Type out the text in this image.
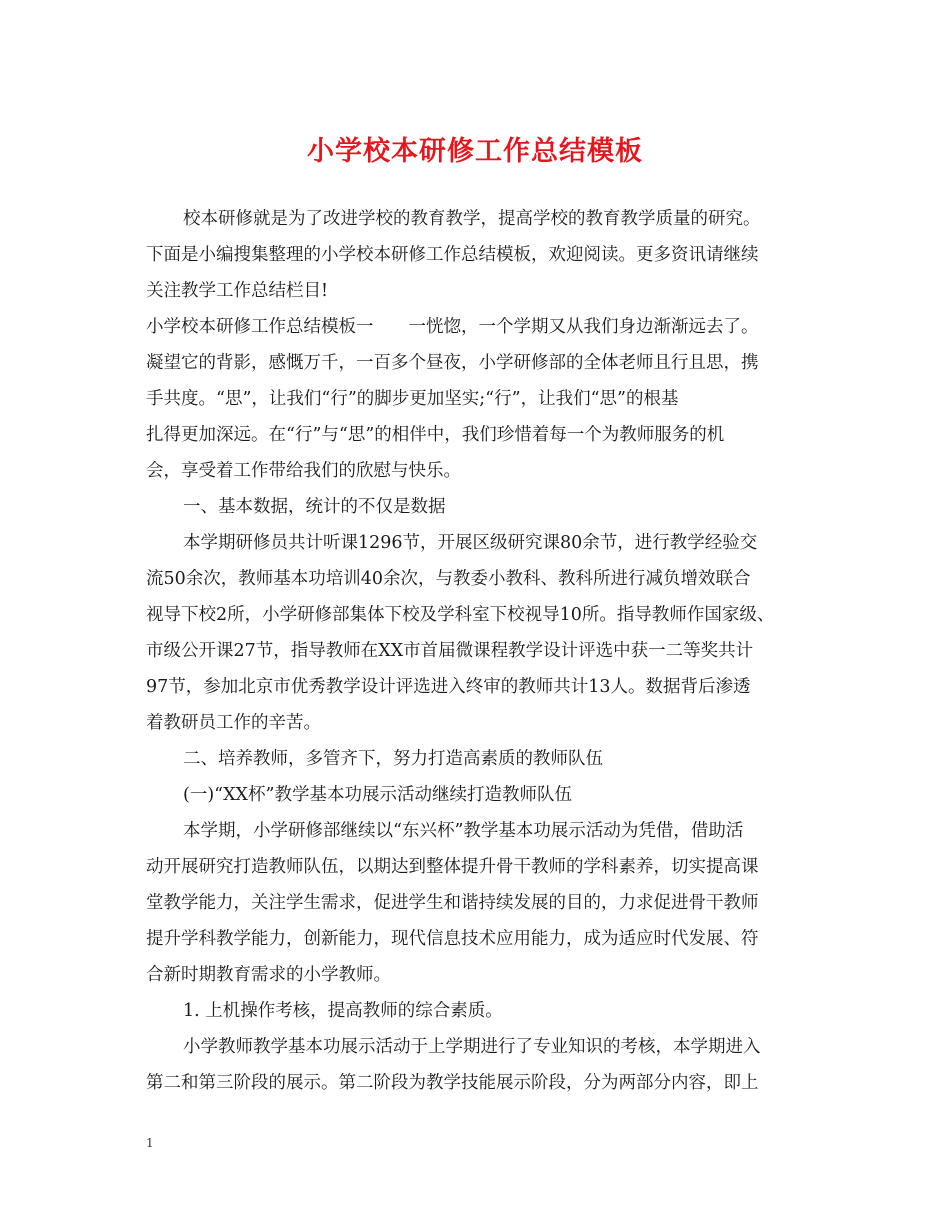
小学校本研修工作总结模板
校本研修就是为了改进学校的教育教学，提高学校的教育教学质量的研究。
下面是小编搜集整理的小学校本研修工作总结模板，欢迎阅读。更多资讯请继续
关注教学工作总结栏目!
小学校本研修工作总结模板一　　一恍惚，一个学期又从我们身边渐渐远去了。
凝望它的背影，感慨万千，一百多个昼夜，小学研修部的全体老师且行且思，携
手共度。“思”，让我们“行”的脚步更加坚实;“行”，让我们“思”的根基
扎得更加深远。在“行”与“思”的相伴中，我们珍惜着每一个为教师服务的机
会，享受着工作带给我们的欣慰与快乐。
一、基本数据，统计的不仅是数据
本学期研修员共计听课1296节，开展区级研究课80余节，进行教学经验交
流50余次，教师基本功培训40余次，与教委小教科、教科所进行减负增效联合
视导下校2所，小学研修部集体下校及学科室下校视导10所。指导教师作国家级、
市级公开课27节，指导教师在XX市首届微课程教学设计评选中获一二等奖共计
97节，参加北京市优秀教学设计评选进入终审的教师共计13人。数据背后渗透
着教研员工作的辛苦。
二、培养教师，多管齐下，努力打造高素质的教师队伍
(一)“XX杯”教学基本功展示活动继续打造教师队伍
本学期，小学研修部继续以“东兴杯”教学基本功展示活动为凭借，借助活
动开展研究打造教师队伍，以期达到整体提升骨干教师的学科素养，切实提高课
堂教学能力，关注学生需求，促进学生和谐持续发展的目的，力求促进骨干教师
提升学科教学能力，创新能力，现代信息技术应用能力，成为适应时代发展、符
合新时期教育需求的小学教师。
1. 上机操作考核，提高教师的综合素质。
小学教师教学基本功展示活动于上学期进行了专业知识的考核，本学期进入
第二和第三阶段的展示。第二阶段为教学技能展示阶段，分为两部分内容，即上
1
